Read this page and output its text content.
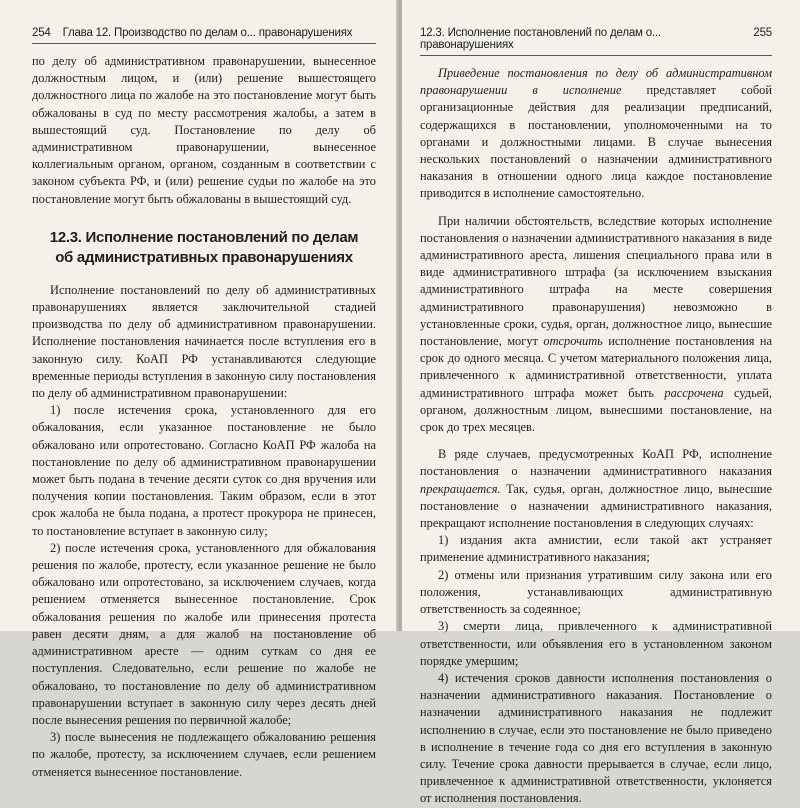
254 Глава 12. Производство по делам о... правонарушениях

по делу об административном правонарушении, вынесенное должностным лицом, и (или) решение вышестоящего должностного лица по жалобе на это постановление могут быть обжалованы в суд по месту рассмотрения жалобы, а затем в вышестоящий суд. Постановление по делу об административном правонарушении, вынесенное коллегиальным органом, органом, созданным в соответствии с законом субъекта РФ, и (или) решение судьи по жалобе на это постановление могут быть обжалованы в вышестоящий суд.

12.3. Исполнение постановлений по делам
об административных правонарушениях

Исполнение постановлений по делу об административных правонарушениях является заключительной стадией производства по делу об административном правонарушении. Исполнение постановления начинается после вступления его в законную силу. КоАП РФ устанавливаются следующие временные периоды вступления в законную силу постановления по делу об административном правонарушении:

1) после истечения срока, установленного для его обжалования, если указанное постановление не было обжаловано или опротестовано. Согласно КоАП РФ жалоба на постановление по делу об административном правонарушении может быть подана в течение десяти суток со дня вручения или получения копии постановления. Таким образом, если в этот срок жалоба не была подана, а протест прокурора не принесен, то постановление вступает в законную силу;

2) после истечения срока, установленного для обжалования решения по жалобе, протесту, если указанное решение не было обжаловано или опротестовано, за исключением случаев, когда решением отменяется вынесенное постановление. Срок обжалования решения по жалобе или принесения протеста равен десяти дням, а для жалоб на постановление об административном аресте — одним суткам со дня ее поступления. Следовательно, если решение по жалобе не обжаловано, то постановление по делу об административном правонарушении вступает в законную силу через десять дней после вынесения решения по первичной жалобе;

3) после вынесения не подлежащего обжалованию решения по жалобе, протесту, за исключением случаев, если решением отменяется вынесенное постановление.

12.3. Исполнение постановлений по делам о... правонарушениях
255

Приведение постановления по делу об административном правонарушении в исполнение представляет собой организационные действия для реализации предписаний, содержащихся в постановлении, уполномоченными на то органами и должностными лицами. В случае вынесения нескольких постановлений о назначении административного наказания в отношении одного лица каждое постановление приводится в исполнение самостоятельно.

При наличии обстоятельств, вследствие которых исполнение постановления о назначении административного наказания в виде административного ареста, лишения специального права или в виде административного штрафа (за исключением взыскания административного штрафа на месте совершения административного правонарушения) невозможно в установленные сроки, судья, орган, должностное лицо, вынесшие постановление, могут отсрочить исполнение постановления на срок до одного месяца. С учетом материального положения лица, привлеченного к административной ответственности, уплата административного штрафа может быть рассрочена судьей, органом, должностным лицом, вынесшими постановление, на срок до трех месяцев.

В ряде случаев, предусмотренных КоАП РФ, исполнение постановления о назначении административного наказания прекращается. Так, судья, орган, должностное лицо, вынесшие постановление о назначении административного наказания, прекращают исполнение постановления в следующих случаях:

1) издания акта амнистии, если такой акт устраняет применение административного наказания;

2) отмены или признания утратившим силу закона или его положения, устанавливающих административную ответственность за содеянное;

3) смерти лица, привлеченного к административной ответственности, или объявления его в установленном законом порядке умершим;

4) истечения сроков давности исполнения постановления о назначении административного наказания. Постановление о назначении административного наказания не подлежит исполнению в случае, если это постановление не было приведено в исполнение в течение года со дня его вступления в законную силу. Течение срока давности прерывается в случае, если лицо, привлеченное к административной ответственности, уклоняется от исполнения постановления.
